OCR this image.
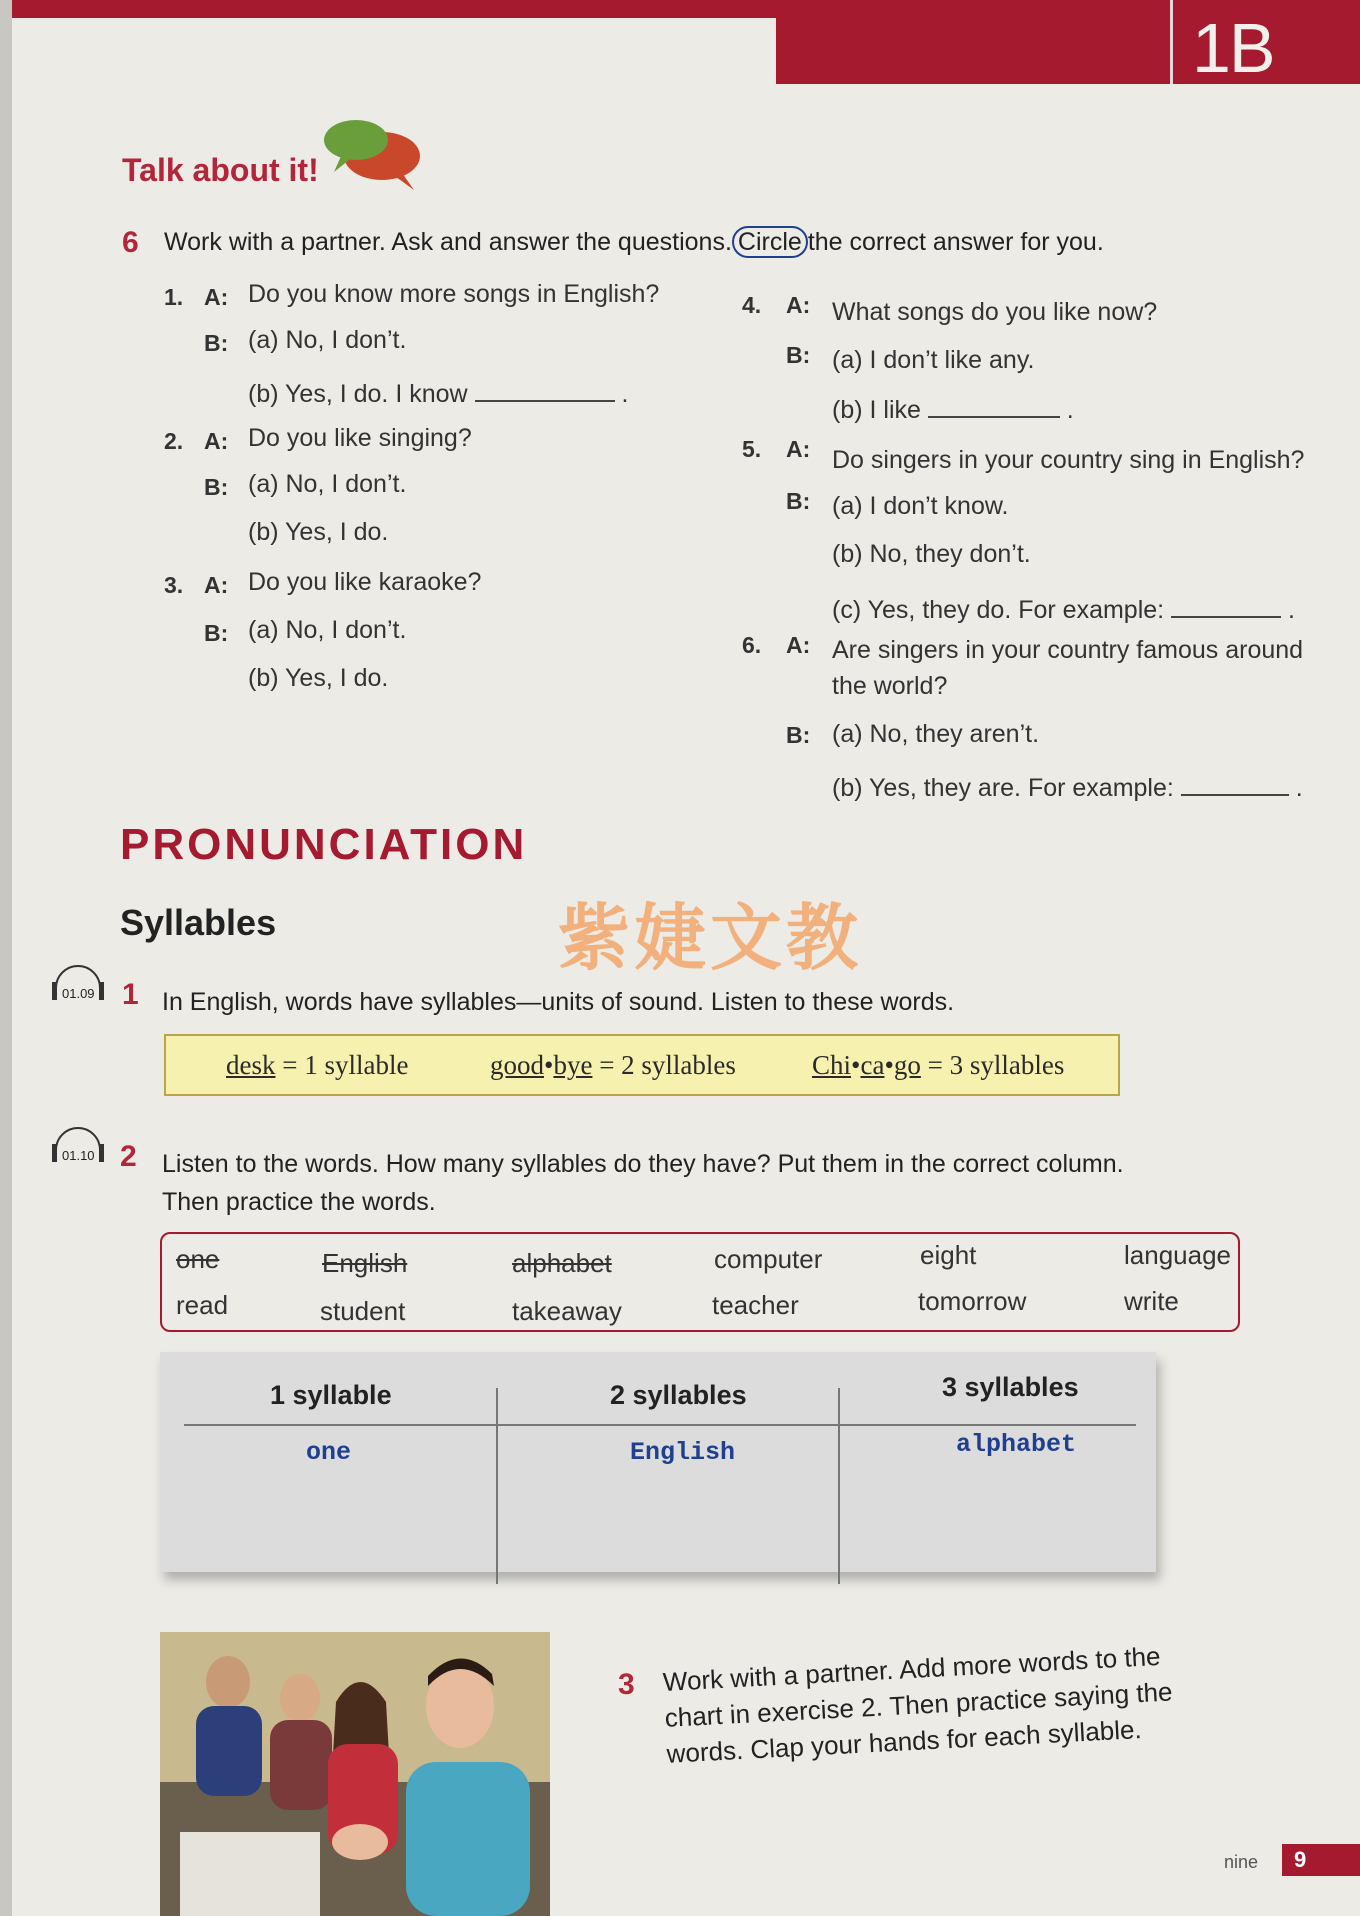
1B
Talk about it!
6 Work with a partner. Ask and answer the questions. Circle the correct answer for you.
1. A: Do you know more songs in English?
B: (a) No, I don’t.
(b) Yes, I do. I know	.
2. A: Do you like singing?
B: (a) No, I don’t.
(b) Yes, I do.
3. A: Do you like karaoke?
B: (a) No, I don’t.
(b) Yes, I do.
4.	A: What songs do you like now?
B: (a) I don’t like any.
(b) I like	.
5.	A: Do singers in your country sing in English?
B: (a) I don’t know.
(b) No, they don’t.
(c) Yes, they do. For example:	.
6.	A: Are singers in your country famous around
the world?
B: (a) No, they aren’t.
(b) Yes, they are. For example:	.
PRONUNCIATION
Syllables	紫婕文教
01.09 1 In English, words have syllables—units of sound. Listen to these words.
desk = 1 syllable	good•bye = 2 syllables	Chi•ca•go = 3 syllables
01.10 2 Listen to the words. How many syllables do they have? Put them in the correct column.
Then practice the words.
one	English	alphabet	computer	eight	language
read	student	takeaway	teacher	tomorrow	write
1 syllable	2 syllables	3 syllables
one	English	alphabet
3 Work with a partner. Add more words to the chart in exercise 2. Then practice saying the words. Clap your hands for each syllable.
nine	9
